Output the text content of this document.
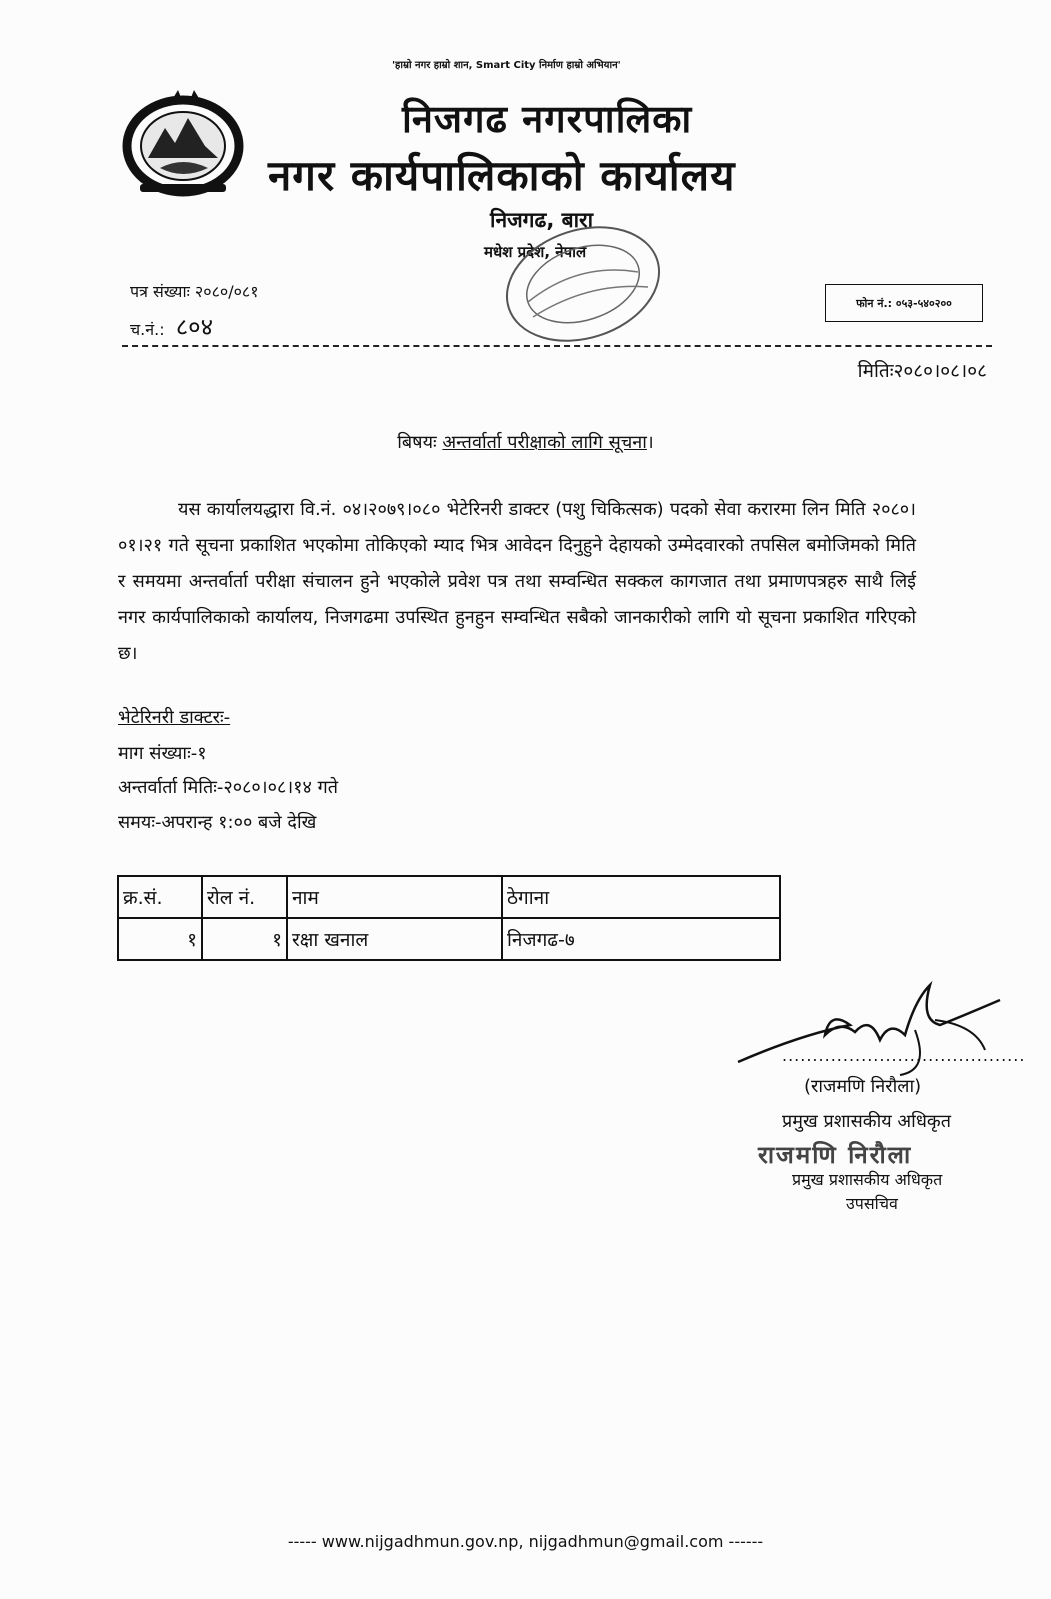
'हाम्रो नगर हाम्रो शान, Smart City निर्माण हाम्रो अभियान'
निजगढ नगरपालिका
नगर कार्यपालिकाको कार्यालय
निजगढ, बारा
मधेश प्रदेश, नेपाल
पत्र संख्याः २०८०/०८१
च.नं.: ८०४
फोन नं.: ०५३-५४०२००
मितिः२०८०।०८।०८
बिषयः अन्तर्वार्ता परीक्षाको लागि सूचना।
यस कार्यालयद्धारा वि.नं. ०४।२०७९।०८० भेटेरिनरी डाक्टर (पशु चिकित्सक) पदको सेवा करारमा लिन मिति २०८०।०१।२१ गते सूचना प्रकाशित भएकोमा तोकिएको म्याद भित्र आवेदन दिनुहुने देहायको उम्मेदवारको तपसिल बमोजिमको मिति र समयमा अन्तर्वार्ता परीक्षा संचालन हुने भएकोले प्रवेश पत्र तथा सम्वन्धित सक्कल कागजात तथा प्रमाणपत्रहरु साथै लिई नगर कार्यपालिकाको कार्यालय, निजगढमा उपस्थित हुनहुन सम्वन्धित सबैको जानकारीको लागि यो सूचना प्रकाशित गरिएको छ।
भेटेरिनरी डाक्टरः-
माग संख्याः-१
अन्तर्वार्ता मितिः-२०८०।०८।१४ गते
समयः-अपरान्ह १:०० बजे देखि
क्र.सं.	रोल नं.	नाम	ठेगाना
१	१	रक्षा खनाल	निजगढ-७
........................................
(राजमणि निरौला)
प्रमुख प्रशासकीय अधिकृत
राजमणि निरौला
प्रमुख प्रशासकीय अधिकृत
उपसचिव
----- www.nijgadhmun.gov.np, nijgadhmun@gmail.com ------
